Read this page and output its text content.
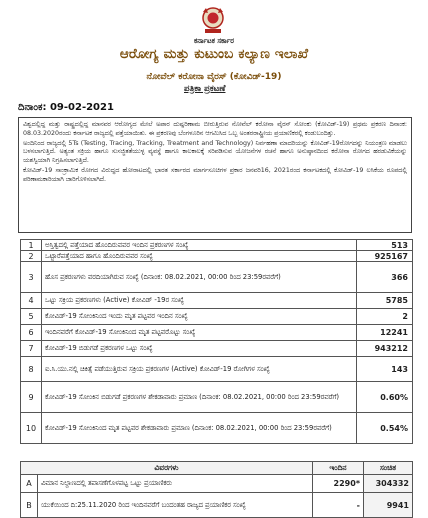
ಕರ್ನಾಟಕ ಸರ್ಕಾರ
ಆರೋಗ್ಯ ಮತ್ತು ಕುಟುಂಬ ಕಲ್ಯಾಣ ಇಲಾಖೆ
ನೋವೆಲ್ ಕರೋನಾ ವೈರಸ್ (ಕೋವಿಡ್-19)
ಪತ್ರಿಕಾ ಪ್ರಕಟಣೆ
ದಿನಾಂಕ: 09-02-2021

ವಿಶ್ವದಲ್ಲಿದ್ದ ಮತ್ತು ರಾಷ್ಟ್ರದಲ್ಲಿದ್ದ ಮಾನವರ ಆರೋಗ್ಯದ ಮೇಲೆ ಅಪಾರ ದುಷ್ಪರಿಣಾಮ ಬೀರುತ್ತಿರುವ ನೋವೆಲ್ ಕರೋನಾ ವೈರಸ್ ಸೋಂಕು (ಕೋವಿಡ್-19) ಪ್ರಥಮ ಪ್ರಕರಣ ದಿನಾಂಕ: 08.03.2020ರಂದು ಕರ್ನಾಟಕ ರಾಜ್ಯದಲ್ಲಿ ಪತ್ತೆಯಾಯಿತು. ಈ ಪ್ರಕರಣವು ಬೆಂಗಳೂರಿನ ಆಗಮಿಸಿದ ಒಬ್ಬ ಅಂತರರಾಷ್ಟ್ರೀಯ ಪ್ರಯಾಣಿಕರಲ್ಲಿ ಕಂಡುಬಂದಿತ್ತು.

ಅಂದಿನಿಂದ ರಾಜ್ಯದಲ್ಲಿ 5Ts (Testing, Tracing, Tracking, Treatment and Technology) ನಿರ್ವಹಣಾ ಮಾದರಿಯನ್ನು ಕೋವಿಡ್-19ರೋಗದನ್ನು ನಿಯಂತ್ರಣ ಮಾಡಲು ಬಳಸಲಾಗುತ್ತಿದೆ. ಅತ್ಯಂತ ಸಕ್ರಿಯ ಹಾಗೂ ಸುಸಜ್ಜಿತತೆಯುಳ್ಳ ವ್ಯವಸ್ಥೆ ಹಾಗೂ ಕಾಲಕಾಲಕ್ಕೆ ಸರಿಪಡಿಸುವ ಯೋಜನೆಗಳ ರಚನೆ ಹಾಗೂ ಅನುಷ್ಠಾನದಿಂದ ಕರೋನಾ ರೋಗದ ಹರಡುವಿಕೆಯನ್ನು ಯಶಸ್ವಿಯಾಗಿ ನಿಗ್ರಹಿಸಲಾಗುತ್ತಿದೆ.

ಕೋವಿಡ್-19 ಸಾಂಕ್ರಾಮಿಕ ರೋಗದ ವಿರುದ್ಧದ ಹೋರಾಟದಲ್ಲಿ ಭಾರತ ಸರ್ಕಾರದ ಮಾರ್ಗಸೂಚಿಗಳ ಪ್ರಕಾರ ಜನವರಿ16, 2021ರಂದ ಕರ್ನಾಟಕದಲ್ಲಿ ಕೋವಿಡ್-19 ಲಸಿಕೆಯ ರೂಪದಲ್ಲಿ ಪರಿಣಾಮಕಾರಿಯಾಗಿ ಜಾರಿಗೊಳಿಸಲಾಗಿದೆ.

1	ಅಸ್ತಿತ್ವದಲ್ಲಿ ಪತ್ತೆಯಾದ ಹೊಂದಿರುವವರ ಇಂದಿನ ಪ್ರಕರಣಗಳ ಸಂಖ್ಯೆ	513
2	ಒಟ್ಟಾರೆಪತ್ತೆಯಾದ ಹಾಗೂ ಹೊಂದಿರುವವರ ಸಂಖ್ಯೆ	925167
3	ಹೊಸ ಪ್ರಕರಣಗಳು ವರದಿಯಾಗಿರುವ ಸಂಖ್ಯೆ (ದಿನಾಂಕ: 08.02.2021, 00:00 ರಿಂದ 23:59ರವರೆಗೆ)	366
4	ಒಟ್ಟು ಸಕ್ರಿಯ ಪ್ರಕರಣಗಳು (Active) ಕೋವಿಡ್ -19ರ ಸಂಖ್ಯೆ	5785
5	ಕೋವಿಡ್-19 ಸೋಂಕಿನಿಂದ ಇಂದು ಮೃತ ಪಟ್ಟವರ ಇಂದಿನ ಸಂಖ್ಯೆ	2
6	ಇಂದಿನವರೆಗೆ ಕೋವಿಡ್-19 ಸೋಂಕಿನಿಂದ ಮೃತ ಪಟ್ಟವರೊಟ್ಟು ಸಂಖ್ಯೆ	12241
7	ಕೋವಿಡ್-19 ಬಿಡುಗಡೆ ಪ್ರಕರಣಗಳ ಒಟ್ಟು ಸಂಖ್ಯೆ	943212
8	ಐ.ಸಿ.ಯು.ನಲ್ಲಿ ಚಿಕಿತ್ಸೆ ಪಡೆಯುತ್ತಿರುವ ಸಕ್ರಿಯ ಪ್ರಕರಣಗಳ (Active) ಕೋವಿಡ್-19 ರೋಗಿಗಳ ಸಂಖ್ಯೆ	143
9	ಕೋವಿಡ್-19 ಸೋಂಕಿನ ಬಿಡುಗಡೆ ಪ್ರಕರಣಗಳ ಶೇಕಡಾವಾರು ಪ್ರಮಾಣ (ದಿನಾಂಕ: 08.02.2021, 00:00 ರಿಂದ 23:59ರವರೆಗೆ)	0.60%
10	ಕೋವಿಡ್-19 ಸೋಂಕಿನಿಂದ ಮೃತ ಪಟ್ಟವರ ಶೇಕಡಾವಾರು ಪ್ರಮಾಣ (ದಿನಾಂಕ: 08.02.2021, 00:00 ರಿಂದ 23:59ರವರೆಗೆ)	0.54%
ವಿವರಗಳು		ಇಂದಿನ	ಸಂಚಿತ
A	ವಿಮಾನ ನಿಲ್ದಾಣದಲ್ಲಿ ತಪಾಸಣೆಗೊಳಪಟ್ಟ ಒಟ್ಟು ಪ್ರಯಾಣಿಕರು	2290*	304332
B	ಯುಕೆಯಿಂದ ದಿ:25.11.2020 ರಿಂದ ಇಂದಿನವರೆಗೆ ಬಂದಂತಹ ರಾಜ್ಯದ ಪ್ರಯಾಣಿಕರ ಸಂಖ್ಯೆ	-	9941
